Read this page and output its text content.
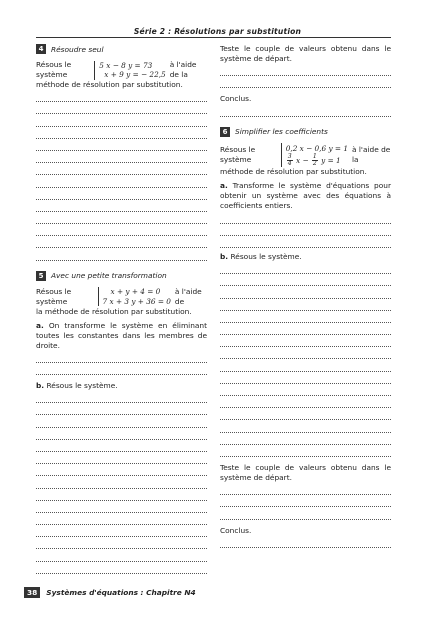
Série 2 : Résolutions par substitution
4	Résoudre seul
Résous le système
5 x − 8 y = 73
x + 9 y = − 22,5
à l'aide de la
méthode de résolution par substitution.
5	Avec une petite transformation
Résous le système
x + y + 4 = 0
7 x + 3 y + 36 = 0
à l'aide de
la méthode de résolution par substitution.
a. On transforme le système en éliminant toutes les constantes dans les membres de droite.
b. Résous le système.
Teste le couple de valeurs obtenu dans le système de départ.
Conclus.
6	Simplifier les coefficients
Résous le système
0,2 x − 0,6 y = 1
$\frac{3}{4}$ $x - \frac{1}{2}$ y = 1
à l'aide de la
méthode de résolution par substitution.
a. Transforme le système d'équations pour obtenir un système avec des équations à coefficients entiers.
b. Résous le système.
Teste le couple de valeurs obtenu dans le système de départ.
Conclus.
38	Systèmes d'équations : Chapitre N4
